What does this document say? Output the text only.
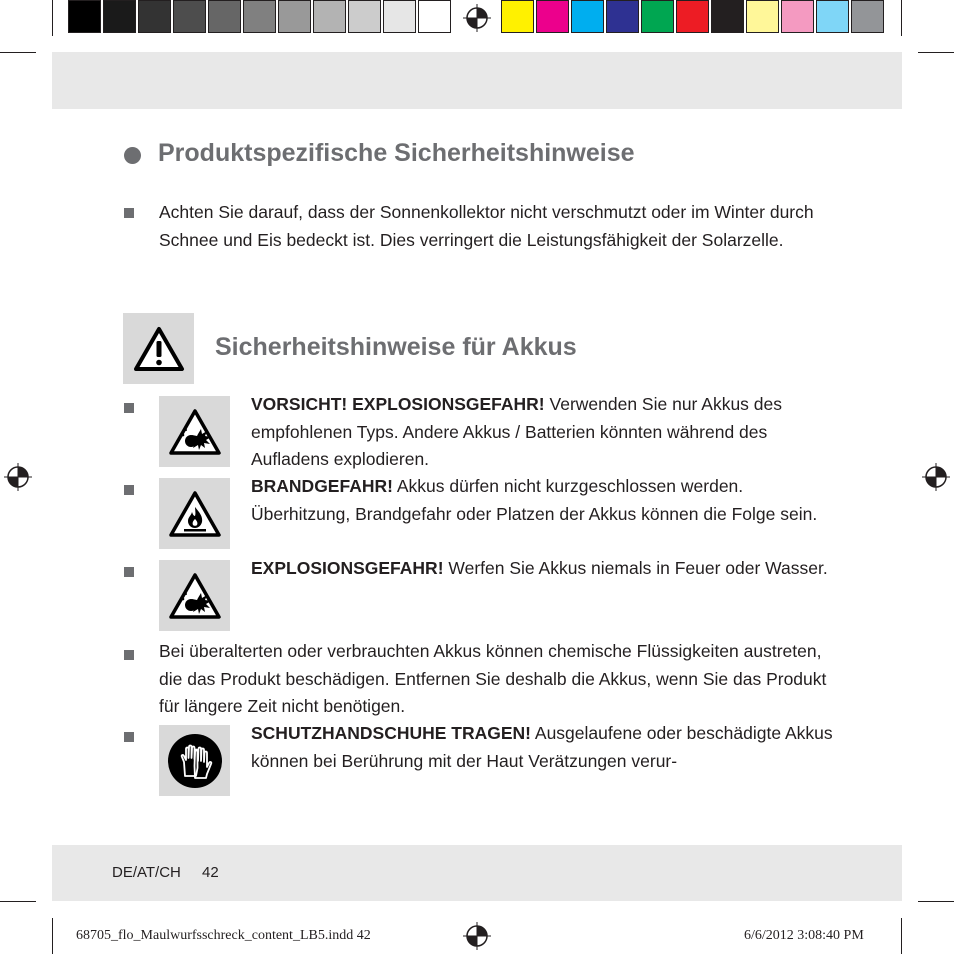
Produktspezifische Sicherheitshinweise
Achten Sie darauf, dass der Sonnenkollektor nicht verschmutzt oder im Winter durch Schnee und Eis bedeckt ist. Dies verringert die Leistungsfähigkeit der Solarzelle.
Sicherheitshinweise für Akkus
VORSICHT! EXPLOSIONSGEFAHR! Verwenden Sie nur Akkus des empfohlenen Typs. Andere Akkus / Batterien könnten während des Aufladens explodieren.
BRANDGEFAHR! Akkus dürfen nicht kurzgeschlossen werden. Überhitzung, Brandgefahr oder Platzen der Akkus können die Folge sein.
EXPLOSIONSGEFAHR! Werfen Sie Akkus niemals in Feuer oder Wasser.
Bei überalterten oder verbrauchten Akkus können chemische Flüssigkeiten austreten, die das Produkt beschädigen. Entfernen Sie deshalb die Akkus, wenn Sie das Produkt für längere Zeit nicht benötigen.
SCHUTZHANDSCHUHE TRAGEN! Ausgelaufene oder beschädigte Akkus können bei Berührung mit der Haut Verätzungen verur-
DE/AT/CH 42
68705_flo_Maulwurfsschreck_content_LB5.indd 42	6/6/2012 3:08:40 PM
